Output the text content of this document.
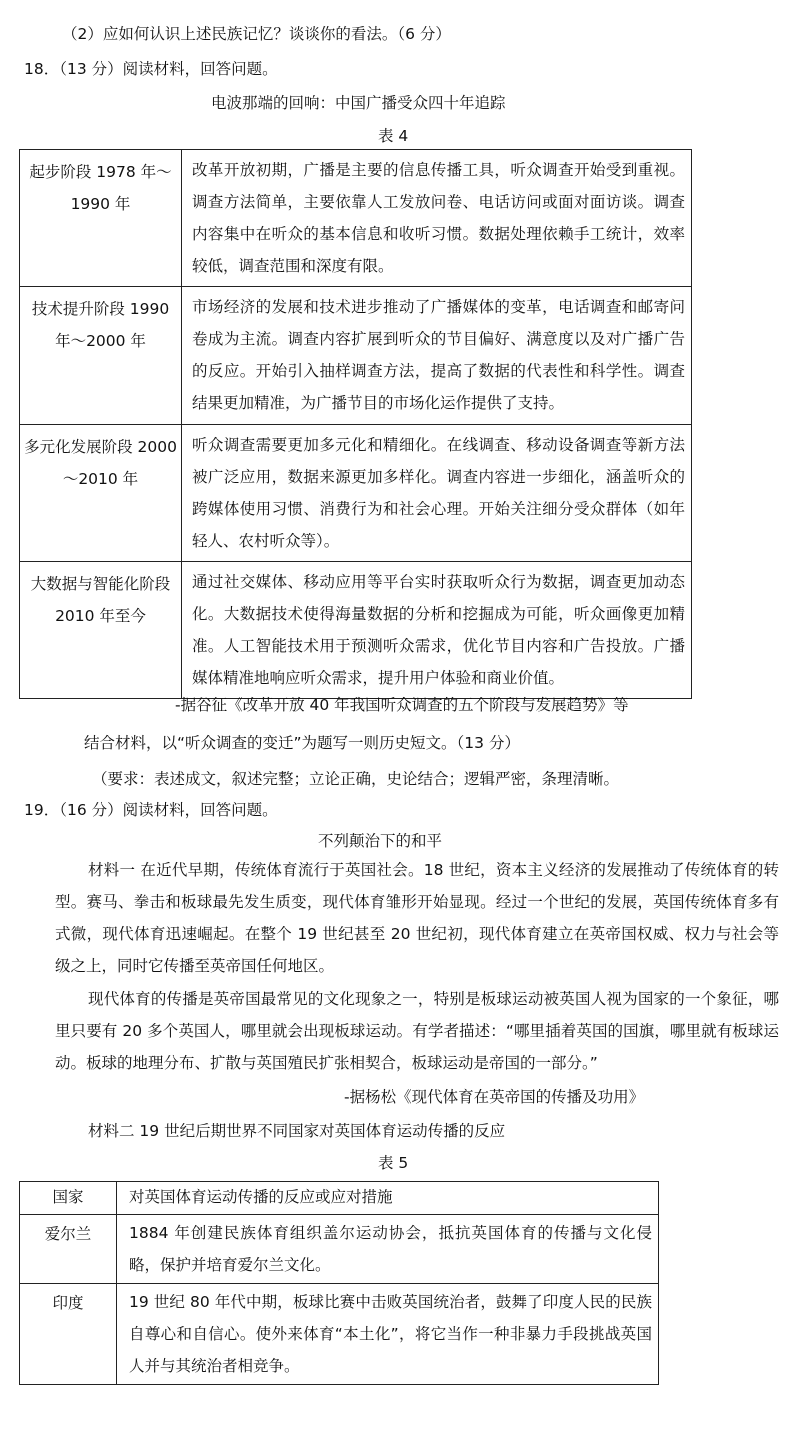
（2）应如何认识上述民族记忆？谈谈你的看法。（6 分）
18．（13 分）阅读材料，回答问题。
电波那端的回响：中国广播受众四十年追踪
表 4
起步阶段 1978 年～1990 年	改革开放初期，广播是主要的信息传播工具，听众调查开始受到重视。调查方法简单，主要依靠人工发放问卷、电话访问或面对面访谈。调查内容集中在听众的基本信息和收听习惯。数据处理依赖手工统计，效率较低，调查范围和深度有限。
技术提升阶段 1990 年～2000 年	市场经济的发展和技术进步推动了广播媒体的变革，电话调查和邮寄问卷成为主流。调查内容扩展到听众的节目偏好、满意度以及对广播广告的反应。开始引入抽样调查方法，提高了数据的代表性和科学性。调查结果更加精准，为广播节目的市场化运作提供了支持。
多元化发展阶段 2000～2010 年	听众调查需要更加多元化和精细化。在线调查、移动设备调查等新方法被广泛应用，数据来源更加多样化。调查内容进一步细化，涵盖听众的跨媒体使用习惯、消费行为和社会心理。开始关注细分受众群体（如年轻人、农村听众等）。
大数据与智能化阶段 2010 年至今	通过社交媒体、移动应用等平台实时获取听众行为数据，调查更加动态化。大数据技术使得海量数据的分析和挖掘成为可能，听众画像更加精准。人工智能技术用于预测听众需求，优化节目内容和广告投放。广播媒体精准地响应听众需求，提升用户体验和商业价值。
-据谷征《改革开放 40 年我国听众调查的五个阶段与发展趋势》等
结合材料，以“听众调查的变迁”为题写一则历史短文。（13 分）
（要求：表述成文，叙述完整；立论正确，史论结合；逻辑严密，条理清晰。
19．（16 分）阅读材料，回答问题。
不列颠治下的和平
材料一 在近代早期，传统体育流行于英国社会。18 世纪，资本主义经济的发展推动了传统体育的转型。赛马、拳击和板球最先发生质变，现代体育雏形开始显现。经过一个世纪的发展，英国传统体育多有式微，现代体育迅速崛起。在整个 19 世纪甚至 20 世纪初，现代体育建立在英帝国权威、权力与社会等级之上，同时它传播至英帝国任何地区。
现代体育的传播是英帝国最常见的文化现象之一，特别是板球运动被英国人视为国家的一个象征，哪里只要有 20 多个英国人，哪里就会出现板球运动。有学者描述：“哪里插着英国的国旗，哪里就有板球运动。板球的地理分布、扩散与英国殖民扩张相契合，板球运动是帝国的一部分。”
-据杨松《现代体育在英帝国的传播及功用》
材料二 19 世纪后期世界不同国家对英国体育运动传播的反应
表 5
国家	对英国体育运动传播的反应或应对措施
爱尔兰	1884 年创建民族体育组织盖尔运动协会，抵抗英国体育的传播与文化侵略，保护并培育爱尔兰文化。
印度	19 世纪 80 年代中期，板球比赛中击败英国统治者，鼓舞了印度人民的民族自尊心和自信心。使外来体育“本土化”，将它当作一种非暴力手段挑战英国人并与其统治者相竞争。
